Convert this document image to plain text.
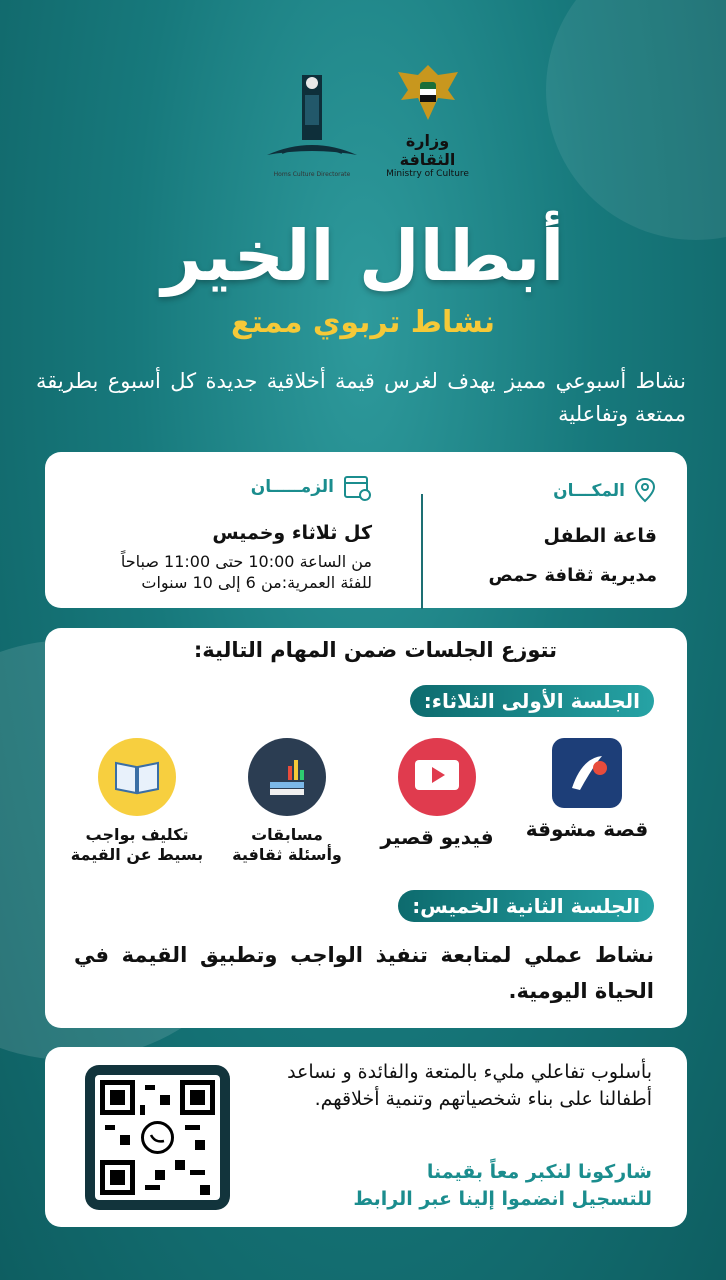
Homs Culture Directorate
وزارة الثقافة
Ministry of Culture
أبطال الخير
نشاط تربوي ممتع
نشاط أسبوعي مميز يهدف لغرس قيمة أخلاقية جديدة كل أسبوع بطريقة ممتعة وتفاعلية
المكـــان
قاعة الطفل
مديرية ثقافة حمص
الزمـــــان
كل ثلاثاء وخميس
من الساعة 10:00 حتى 11:00 صباحاً
للفئة العمرية:من 6 إلى 10 سنوات
تتوزع الجلسات ضمن المهام التالية:
الجلسة الأولى الثلاثاء:
قصة مشوقة
فيديو قصير
مسابقات
وأسئلة ثقافية
تكليف بواجب
بسيط عن القيمة
الجلسة الثانية الخميس:
نشاط عملي لمتابعة تنفيذ الواجب وتطبيق القيمة في الحياة اليومية.
بأسلوب تفاعلي مليء بالمتعة والفائدة و نساعد أطفالنا على بناء شخصياتهم وتنمية أخلاقهم.
شاركونا لنكبر معاً بقيمنا
للتسجيل انضموا إلينا عبر الرابط
